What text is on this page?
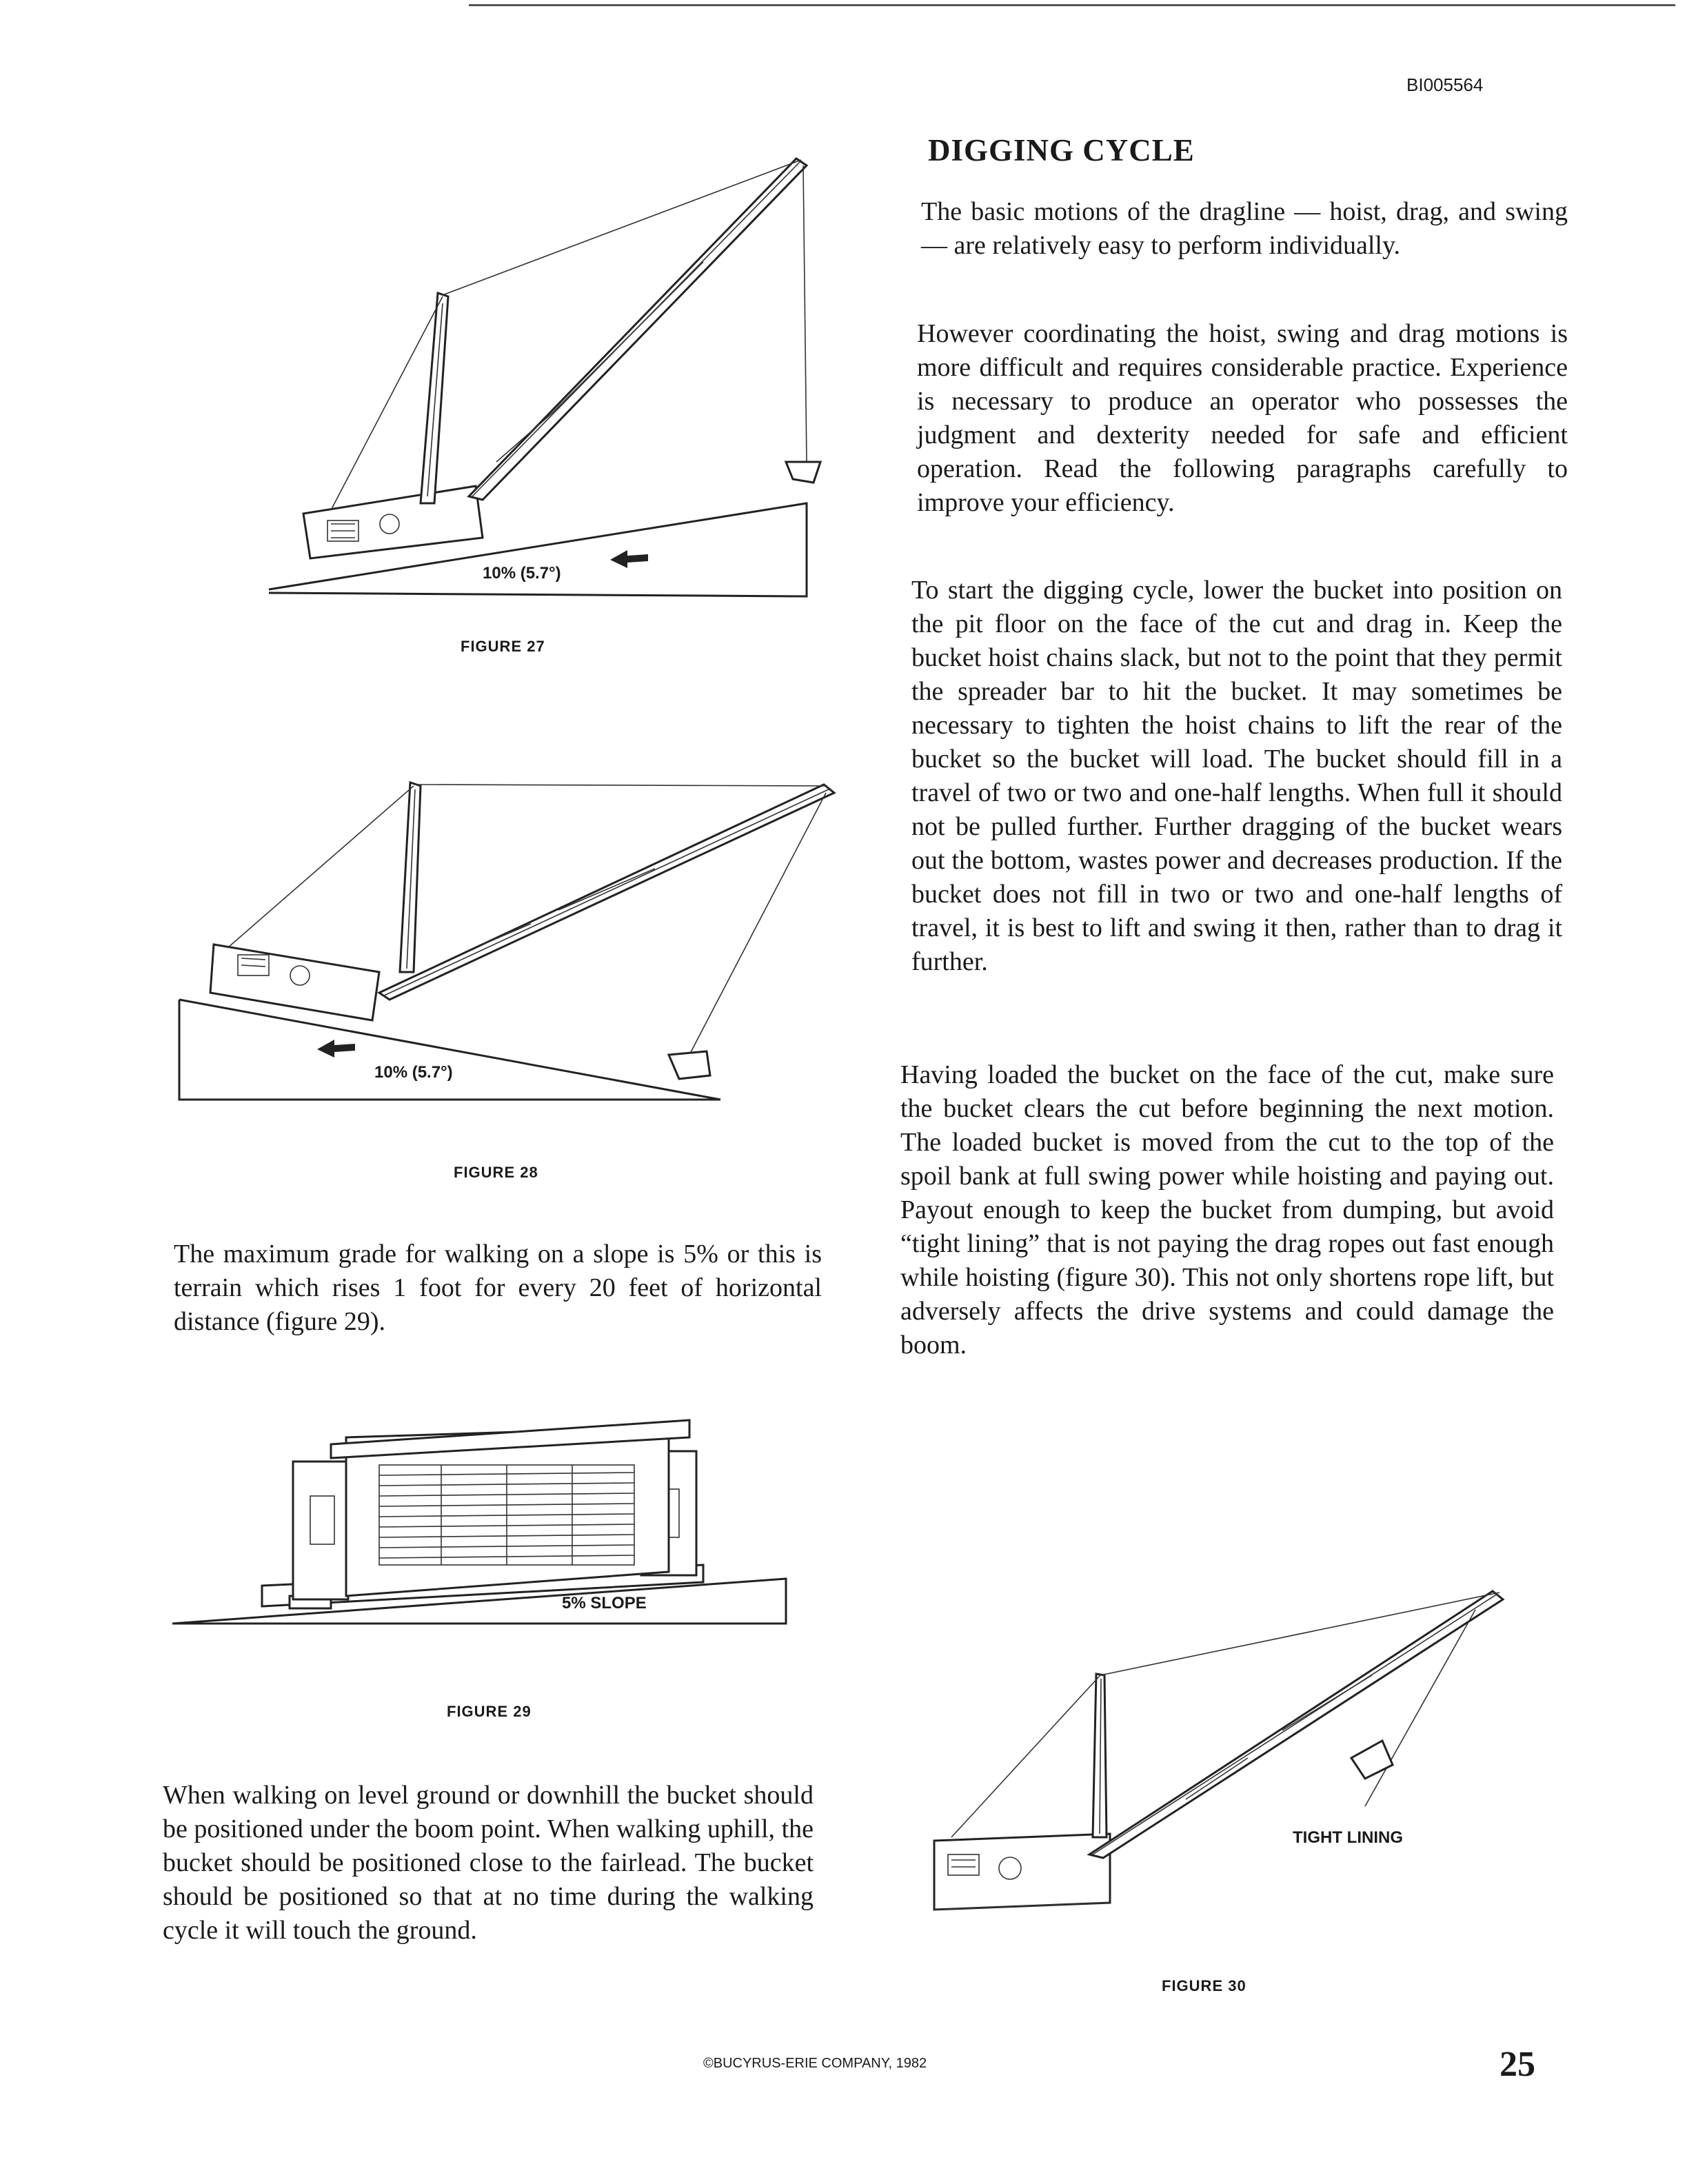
BI005564
DIGGING CYCLE
The basic motions of the dragline — hoist, drag, and swing — are relatively easy to perform individually.
However coordinating the hoist, swing and drag motions is more difficult and requires considerable practice. Experience is necessary to produce an operator who possesses the judgment and dexterity needed for safe and efficient operation. Read the following paragraphs carefully to improve your efficiency.
To start the digging cycle, lower the bucket into position on the pit floor on the face of the cut and drag in. Keep the bucket hoist chains slack, but not to the point that they permit the spreader bar to hit the bucket. It may sometimes be necessary to tighten the hoist chains to lift the rear of the bucket so the bucket will load. The bucket should fill in a travel of two or two and one-half lengths. When full it should not be pulled further. Further dragging of the bucket wears out the bottom, wastes power and decreases production. If the bucket does not fill in two or two and one-half lengths of travel, it is best to lift and swing it then, rather than to drag it further.
Having loaded the bucket on the face of the cut, make sure the bucket clears the cut before beginning the next motion. The loaded bucket is moved from the cut to the top of the spoil bank at full swing power while hoisting and paying out. Payout enough to keep the bucket from dumping, but avoid “tight lining” that is not paying the drag ropes out fast enough while hoisting (figure 30). This not only shortens rope lift, but adversely affects the drive systems and could damage the boom.
The maximum grade for walking on a slope is 5% or this is terrain which rises 1 foot for every 20 feet of horizontal distance (figure 29).
When walking on level ground or downhill the bucket should be positioned under the boom point. When walking uphill, the bucket should be positioned close to the fairlead. The bucket should be positioned so that at no time during the walking cycle it will touch the ground.
10% (5.7°)
FIGURE 27
10% (5.7°)
FIGURE 28
5% SLOPE
FIGURE 29
TIGHT LINING
FIGURE 30
©BUCYRUS-ERIE COMPANY, 1982	25
